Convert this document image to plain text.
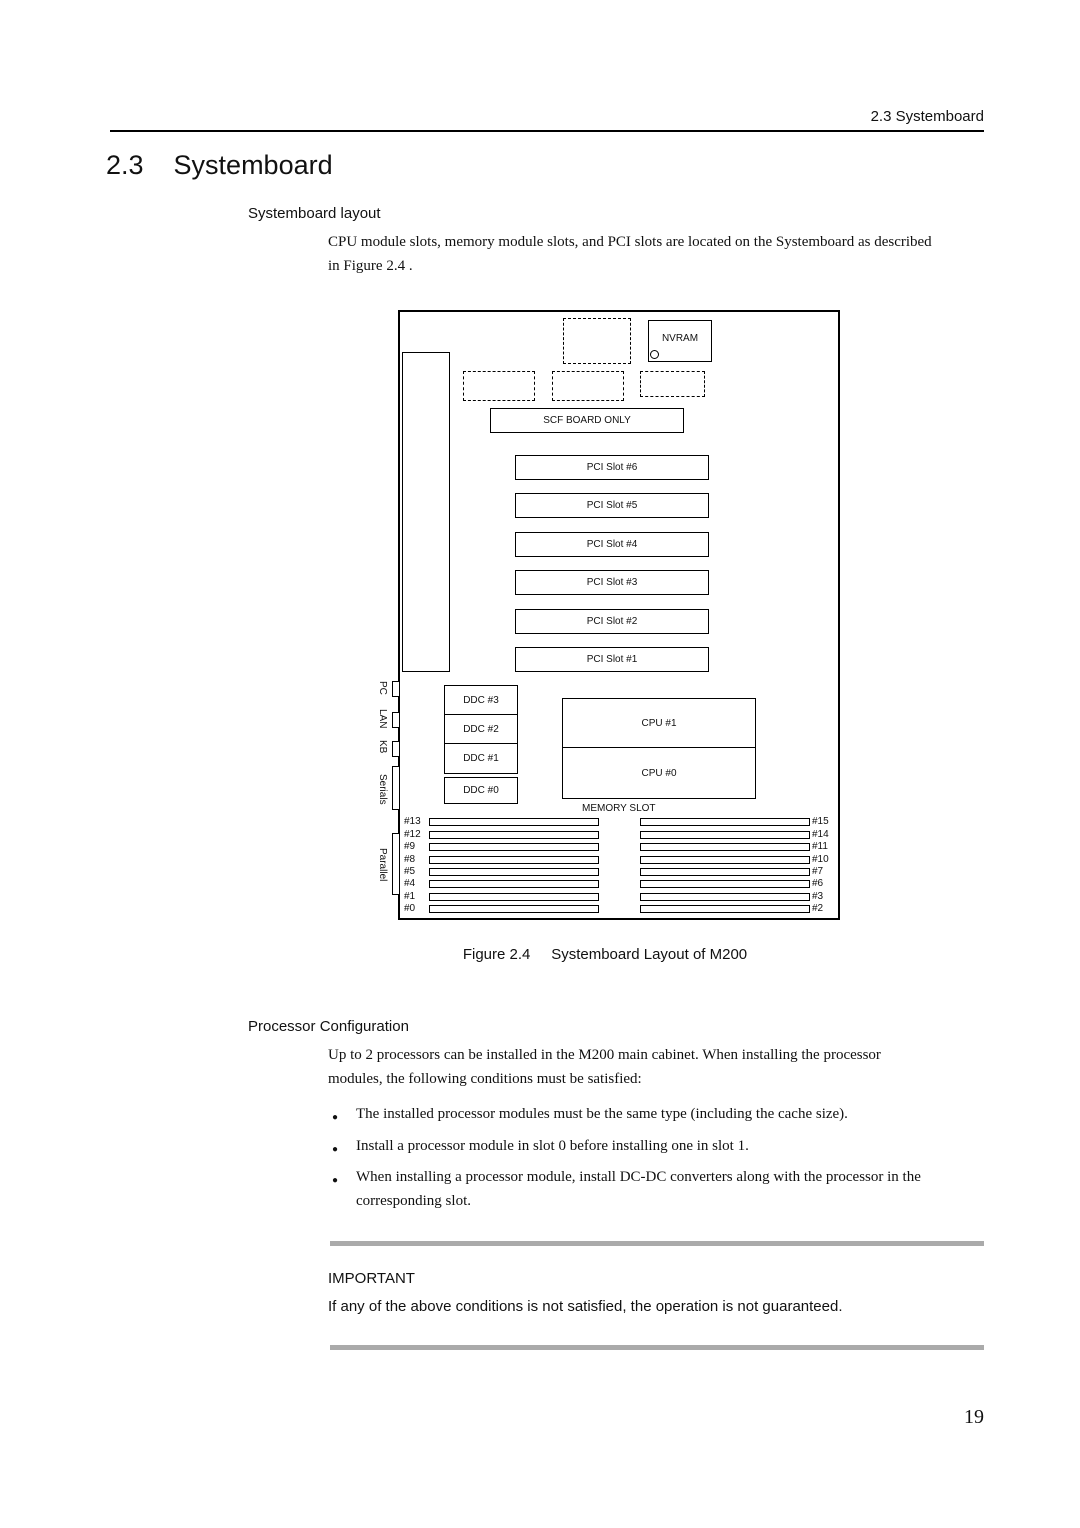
2.3 Systemboard
2.3    Systemboard
Systemboard layout
CPU module slots, memory module slots, and PCI slots are located on the Systemboard as described
in Figure 2.4 .
NVRAM
SCF BOARD ONLY
PCI Slot #6
PCI Slot #5
PCI Slot #4
PCI Slot #3
PCI Slot #2
PCI Slot #1
DDC #3
DDC #2
DDC #1
DDC #0
CPU #1
CPU #0
MEMORY SLOT
#13
#12
#9
#8
#5
#4
#1
#0
#15
#14
#11
#10
#7
#6
#3
#2
PC
LAN
KB
Serials
Parallel
Figure 2.4     Systemboard Layout of M200
Processor Configuration
Up to 2 processors can be installed in the M200 main cabinet. When installing the processor
modules, the following conditions must be satisfied:
● The installed processor modules must be the same type (including the cache size).
● Install a processor module in slot 0 before installing one in slot 1.
● When installing a processor module, install DC-DC converters along with the processor in the
corresponding slot.
IMPORTANT
If any of the above conditions is not satisfied, the operation is not guaranteed.
19
